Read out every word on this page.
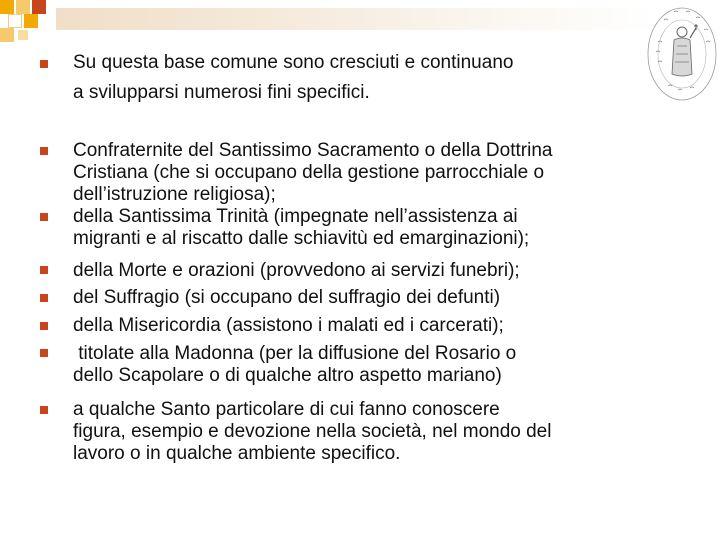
Su questa base comune sono cresciuti e continuano

a svilupparsi numerosi fini specifici.

Confraternite del Santissimo Sacramento o della Dottrina

Cristiana (che si occupano della gestione parrocchiale o

dell’istruzione religiosa);

della Santissima Trinità (impegnate nell’assistenza ai

migranti e al riscatto dalle schiavitù ed emarginazioni);

della Morte e orazioni (provvedono ai servizi funebri);

del Suffragio (si occupano del suffragio dei defunti)

della Misericordia (assistono i malati ed i carcerati);

titolate alla Madonna (per la diffusione del Rosario o

dello Scapolare o di qualche altro aspetto mariano)

a qualche Santo particolare di cui fanno conoscere

figura, esempio e devozione nella società, nel mondo del

lavoro o in qualche ambiente specifico.
